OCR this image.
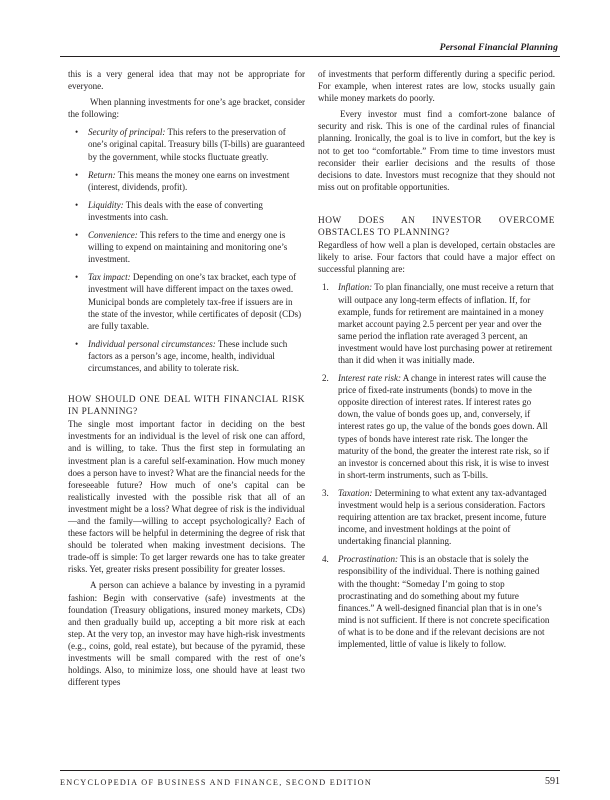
Personal Financial Planning

this is a very general idea that may not be appropriate for everyone.

When planning investments for one’s age bracket, consider the following:

• Security of principal: This refers to the preservation of one’s original capital. Treasury bills (T-bills) are guaranteed by the government, while stocks fluctuate greatly.
• Return: This means the money one earns on investment (interest, dividends, profit).
• Liquidity: This deals with the ease of converting investments into cash.
• Convenience: This refers to the time and energy one is willing to expend on maintaining and monitoring one’s investment.
• Tax impact: Depending on one’s tax bracket, each type of investment will have different impact on the taxes owed. Municipal bonds are completely tax-free if issuers are in the state of the investor, while certificates of deposit (CDs) are fully taxable.
• Individual personal circumstances: These include such factors as a person’s age, income, health, individual circumstances, and ability to tolerate risk.
HOW SHOULD ONE DEAL WITH FINANCIAL RISK IN PLANNING?

The single most important factor in deciding on the best investments for an individual is the level of risk one can afford, and is willing, to take. Thus the first step in formulating an investment plan is a careful self-examination. How much money does a person have to invest? What are the financial needs for the foreseeable future? How much of one’s capital can be realistically invested with the possible risk that all of an investment might be a loss? What degree of risk is the individual—and the family—willing to accept psychologically? Each of these factors will be helpful in determining the degree of risk that should be tolerated when making investment decisions. The trade-off is simple: To get larger rewards one has to take greater risks. Yet, greater risks present possibility for greater losses.

A person can achieve a balance by investing in a pyramid fashion: Begin with conservative (safe) investments at the foundation (Treasury obligations, insured money markets, CDs) and then gradually build up, accepting a bit more risk at each step. At the very top, an investor may have high-risk investments (e.g., coins, gold, real estate), but because of the pyramid, these investments will be small compared with the rest of one’s holdings. Also, to minimize loss, one should have at least two different types

of investments that perform differently during a specific period. For example, when interest rates are low, stocks usually gain while money markets do poorly.

Every investor must find a comfort-zone balance of security and risk. This is one of the cardinal rules of financial planning. Ironically, the goal is to live in comfort, but the key is not to get too “comfortable.” From time to time investors must reconsider their earlier decisions and the results of those decisions to date. Investors must recognize that they should not miss out on profitable opportunities.

HOW DOES AN INVESTOR OVERCOME OBSTACLES TO PLANNING?

Regardless of how well a plan is developed, certain obstacles are likely to arise. Four factors that could have a major effect on successful planning are:

1. Inflation: To plan financially, one must receive a return that will outpace any long-term effects of inflation. If, for example, funds for retirement are maintained in a money market account paying 2.5 percent per year and over the same period the inflation rate averaged 3 percent, an investment would have lost purchasing power at retirement than it did when it was initially made.
2. Interest rate risk: A change in interest rates will cause the price of fixed-rate instruments (bonds) to move in the opposite direction of interest rates. If interest rates go down, the value of bonds goes up, and, conversely, if interest rates go up, the value of the bonds goes down. All types of bonds have interest rate risk. The longer the maturity of the bond, the greater the interest rate risk, so if an investor is concerned about this risk, it is wise to invest in short-term instruments, such as T-bills.
3. Taxation: Determining to what extent any tax-advantaged investment would help is a serious consideration. Factors requiring attention are tax bracket, present income, future income, and investment holdings at the point of undertaking financial planning.
4. Procrastination: This is an obstacle that is solely the responsibility of the individual. There is nothing gained with the thought: “Someday I’m going to stop procrastinating and do something about my future finances.” A well-designed financial plan that is in one’s mind is not sufficient. If there is not concrete specification of what is to be done and if the relevant decisions are not implemented, little of value is likely to follow.
ENCYCLOPEDIA OF BUSINESS AND FINANCE, SECOND EDITION	591
